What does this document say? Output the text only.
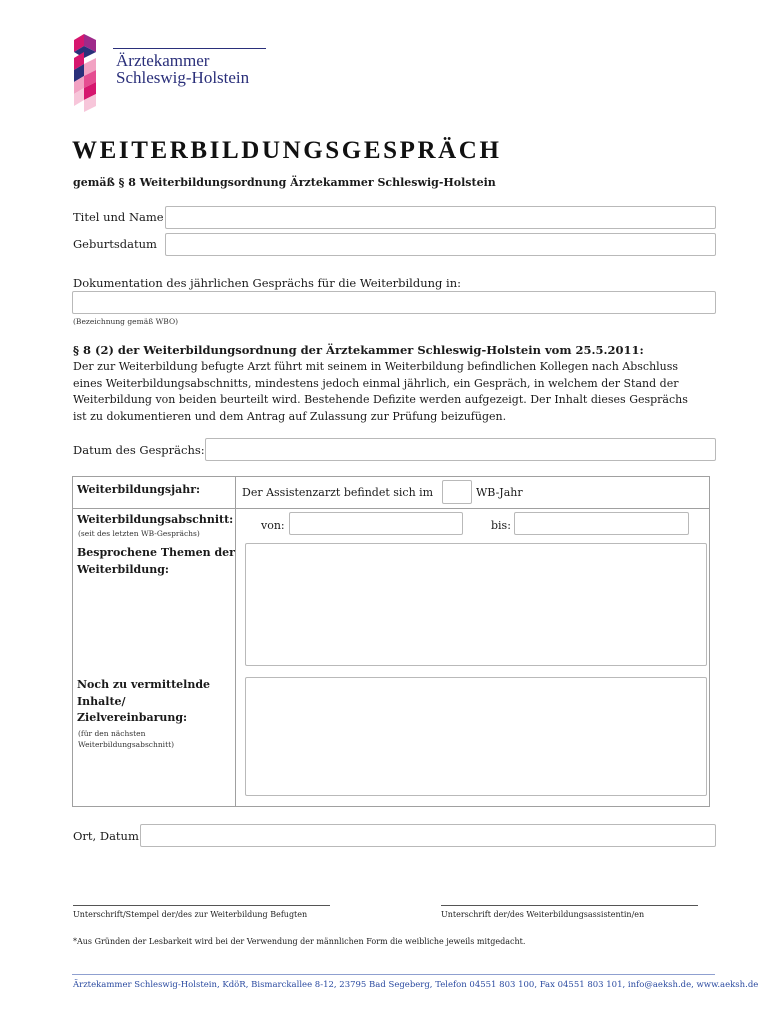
Ärztekammer
Schleswig-Holstein
WEITERBILDUNGSGESPRÄCH
gemäß § 8 Weiterbildungsordnung Ärztekammer Schleswig-Holstein
Titel und Name
Geburtsdatum
Dokumentation des jährlichen Gesprächs für die Weiterbildung in:
(Bezeichnung gemäß WBO)
§ 8 (2) der Weiterbildungsordnung der Ärztekammer Schleswig-Holstein vom 25.5.2011:
Der zur Weiterbildung befugte Arzt führt mit seinem in Weiterbildung befindlichen Kollegen nach Abschluss
eines Weiterbildungsabschnitts, mindestens jedoch einmal jährlich, ein Gespräch, in welchem der Stand der
Weiterbildung von beiden beurteilt wird. Bestehende Defizite werden aufgezeigt. Der Inhalt dieses Gesprächs
ist zu dokumentieren und dem Antrag auf Zulassung zur Prüfung beizufügen.
Datum des Gesprächs:
Weiterbildungsjahr:	Der Assistenzarzt befindet sich im	WB-Jahr
Weiterbildungsabschnitt:
(seit des letzten WB-Gesprächs)
von:	bis:
Besprochene Themen der
Weiterbildung:
Noch zu vermittelnde
Inhalte/
Zielvereinbarung:
(für den nächsten
Weiterbildungsabschnitt)
Ort, Datum
Unterschrift/Stempel der/des zur Weiterbildung Befugten	Unterschrift der/des Weiterbildungsassistentin/en
*Aus Gründen der Lesbarkeit wird bei der Verwendung der männlichen Form die weibliche jeweils mitgedacht.
Ärztekammer Schleswig-Holstein, KdöR, Bismarckallee 8-12, 23795 Bad Segeberg, Telefon 04551 803 100, Fax 04551 803 101, info@aeksh.de, www.aeksh.de
